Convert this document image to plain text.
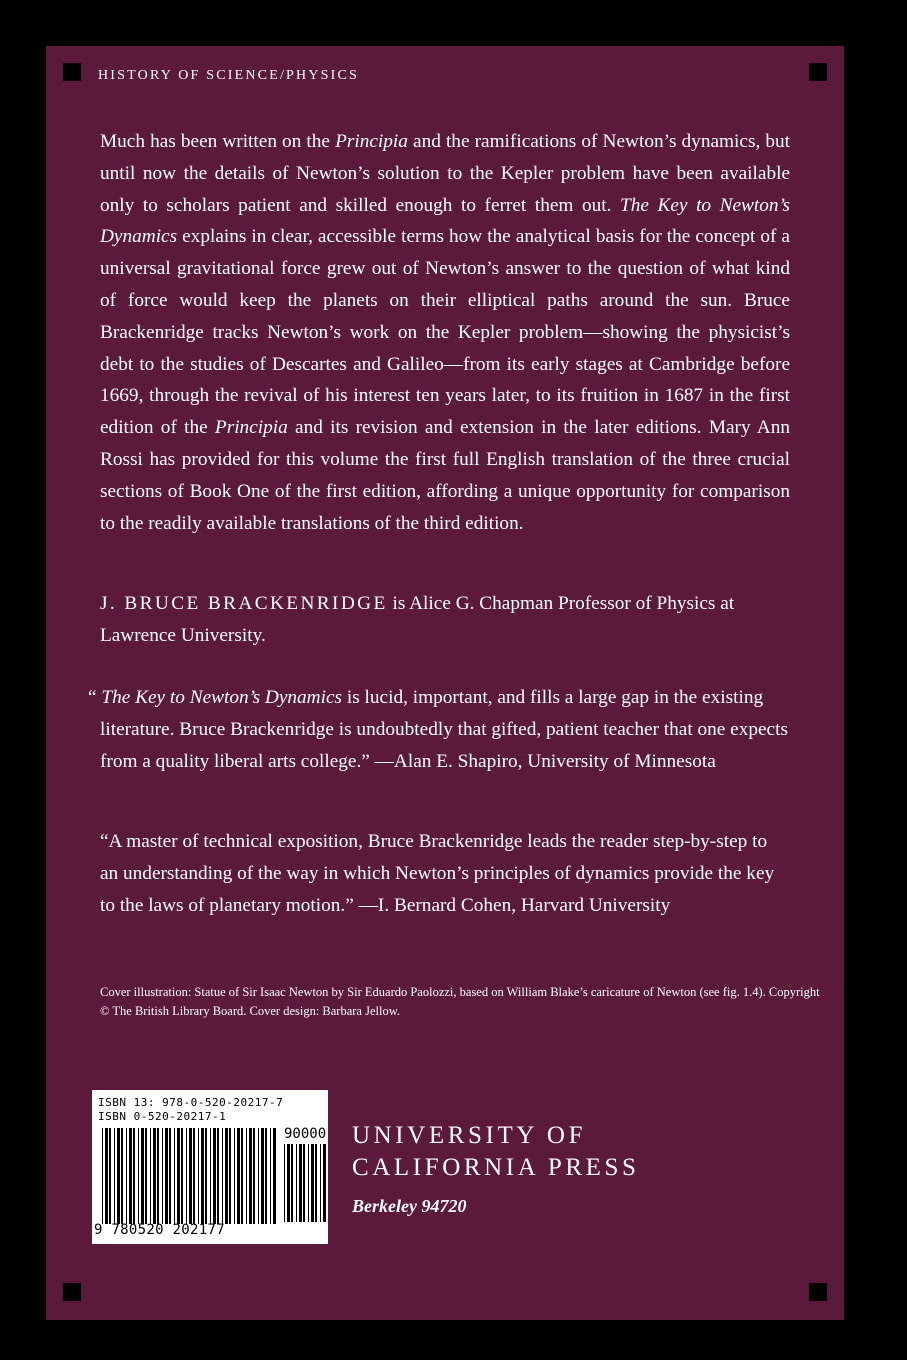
HISTORY OF SCIENCE/PHYSICS

Much has been written on the Principia and the ramifications of Newton’s dynamics, but until now the details of Newton’s solution to the Kepler problem have been available only to scholars patient and skilled enough to ferret them out. The Key to Newton’s Dynamics explains in clear, accessible terms how the analytical basis for the concept of a universal gravitational force grew out of Newton’s answer to the question of what kind of force would keep the planets on their elliptical paths around the sun. Bruce Brackenridge tracks Newton’s work on the Kepler problem—showing the physicist’s debt to the studies of Descartes and Galileo—from its early stages at Cambridge before 1669, through the revival of his interest ten years later, to its fruition in 1687 in the first edition of the Principia and its revision and extension in the later editions. Mary Ann Rossi has provided for this volume the first full English translation of the three crucial sections of Book One of the first edition, affording a unique opportunity for comparison to the readily available translations of the third edition.

J. BRUCE BRACKENRIDGE is Alice G. Chapman Professor of Physics at Lawrence University.

“ The Key to Newton’s Dynamics is lucid, important, and fills a large gap in the existing literature. Bruce Brackenridge is undoubtedly that gifted, patient teacher that one expects from a quality liberal arts college.” —Alan E. Shapiro, University of Minnesota

“A master of technical exposition, Bruce Brackenridge leads the reader step-by-step to an understanding of the way in which Newton’s principles of dynamics provide the key to the laws of planetary motion.” —I. Bernard Cohen, Harvard University

Cover illustration: Statue of Sir Isaac Newton by Sir Eduardo Paolozzi, based on William Blake’s caricature of Newton (see fig. 1.4). Copyright © The British Library Board. Cover design: Barbara Jellow.
ISBN 13: 978-0-520-20217-7
ISBN 0-520-20217-1
90000
9 780520 202177
UNIVERSITY OF
CALIFORNIA PRESS
Berkeley 94720
